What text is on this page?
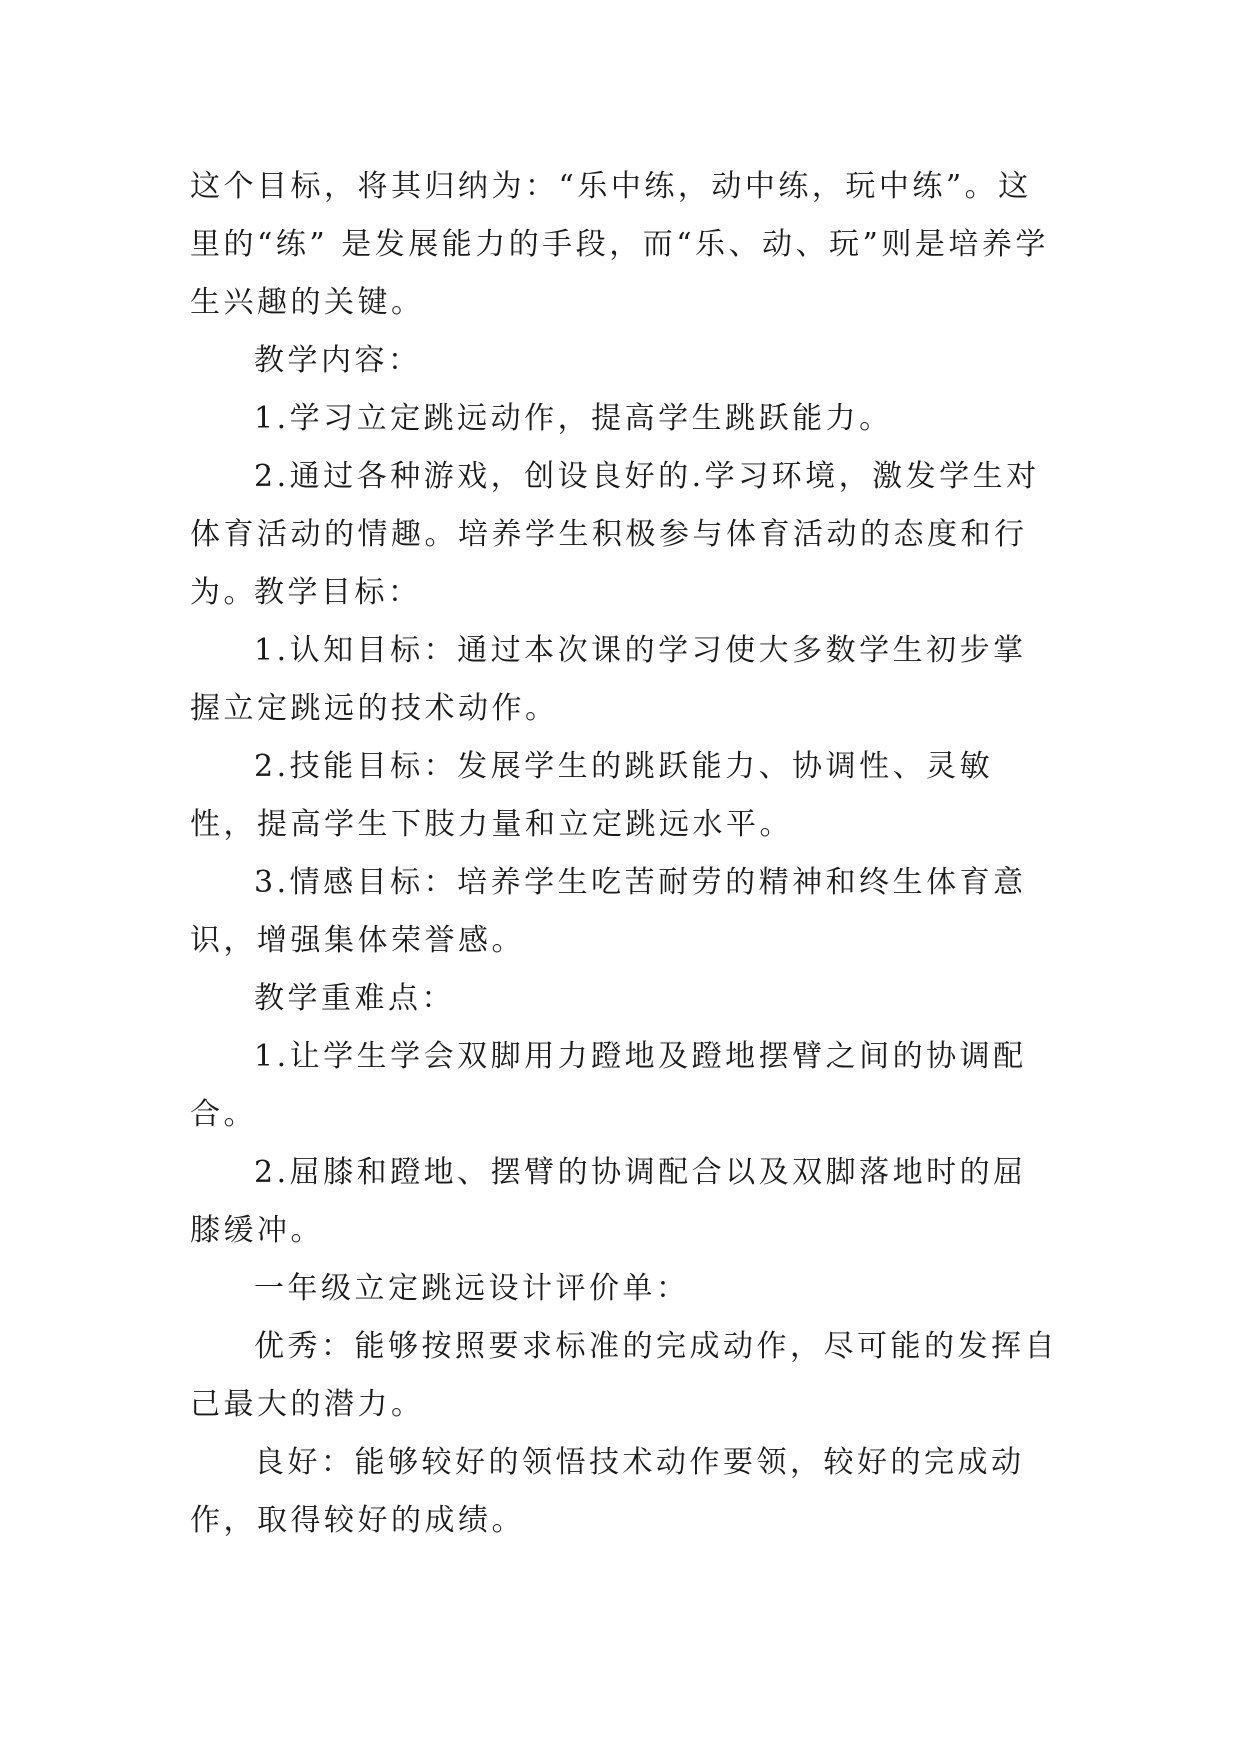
这个目标，将其归纳为：“乐中练，动中练，玩中练”。这里的“练” 是发展能力的手段，而“乐、动、玩”则是培养学生兴趣的关键。

教学内容：

1.学习立定跳远动作，提高学生跳跃能力。

2.通过各种游戏，创设良好的.学习环境，激发学生对体育活动的情趣。培养学生积极参与体育活动的态度和行为。

教学目标：

1.认知目标：通过本次课的学习使大多数学生初步掌握立定跳远的技术动作。

2.技能目标：发展学生的跳跃能力、协调性、灵敏性，提高学生下肢力量和立定跳远水平。

3.情感目标：培养学生吃苦耐劳的精神和终生体育意识，增强集体荣誉感。

教学重难点：

1.让学生学会双脚用力蹬地及蹬地摆臂之间的协调配合。

2.屈膝和蹬地、摆臂的协调配合以及双脚落地时的屈膝缓冲。

一年级立定跳远设计评价单：

优秀：能够按照要求标准的完成动作，尽可能的发挥自己最大的潜力。

良好：能够较好的领悟技术动作要领，较好的完成动作，取得较好的成绩。
